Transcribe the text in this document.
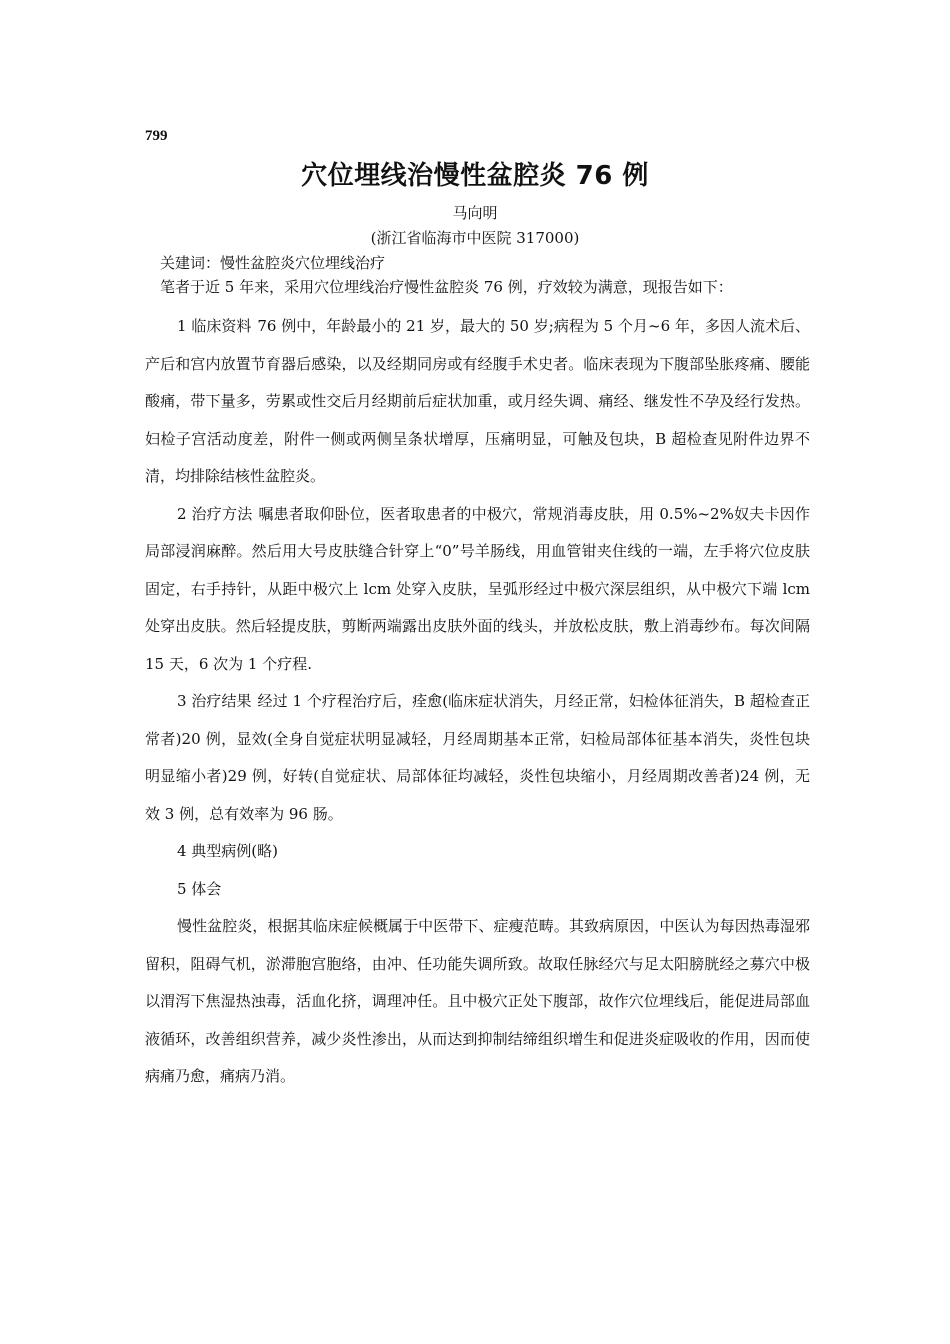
799
穴位埋线治慢性盆腔炎 76 例
马向明
(浙江省临海市中医院 317000)
关建词：慢性盆腔炎穴位埋线治疗
笔者于近 5 年来，采用穴位埋线治疗慢性盆腔炎 76 例，疗效较为满意，现报告如下：

1 临床资料 76 例中，年龄最小的 21 岁，最大的 50 岁;病程为 5 个月~6 年，多因人流术后、产后和宫内放置节育器后感染，以及经期同房或有经腹手术史者。临床表现为下腹部坠胀疼痛、腰能酸痛，带下量多，劳累或性交后月经期前后症状加重，或月经失调、痛经、继发性不孕及经行发热。妇检子宫活动度差，附件一侧或两侧呈条状增厚，压痛明显，可触及包块，B 超检查见附件边界不清，均排除结核性盆腔炎。

2 治疗方法 嘱患者取仰卧位，医者取患者的中极穴，常规消毒皮肤，用 0.5%~2%奴夫卡因作局部浸润麻醉。然后用大号皮肤缝合针穿上“0”号羊肠线，用血管钳夹住线的一端，左手将穴位皮肤固定，右手持针，从距中极穴上 lcm 处穿入皮肤，呈弧形经过中极穴深层组织，从中极穴下端 lcm 处穿出皮肤。然后轻提皮肤，剪断两端露出皮肤外面的线头，并放松皮肤，敷上消毒纱布。每次间隔 15 天，6 次为 1 个疗程.

3 治疗结果 经过 1 个疗程治疗后，痊愈(临床症状消失，月经正常，妇检体征消失，B 超检查正常者)20 例，显效(全身自觉症状明显减轻，月经周期基本正常，妇检局部体征基本消失，炎性包块明显缩小者)29 例，好转(自觉症状、局部体征均减轻，炎性包块缩小，月经周期改善者)24 例，无效 3 例，总有效率为 96 肠。

4 典型病例(略)

5 体会

慢性盆腔炎，根据其临床症候概属于中医带下、症瘦范畴。其致病原因，中医认为每因热毒湿邪留积，阻碍气机，淤滞胞宫胞络，由冲、任功能失调所致。故取任脉经穴与足太阳膀胱经之募穴中极以渭泻下焦湿热浊毒，活血化挤，调理冲任。且中极穴正处下腹部，故作穴位埋线后，能促进局部血液循环，改善组织营养，减少炎性渗出，从而达到抑制结缔组织增生和促进炎症吸收的作用，因而使病痛乃愈，痛病乃消。
